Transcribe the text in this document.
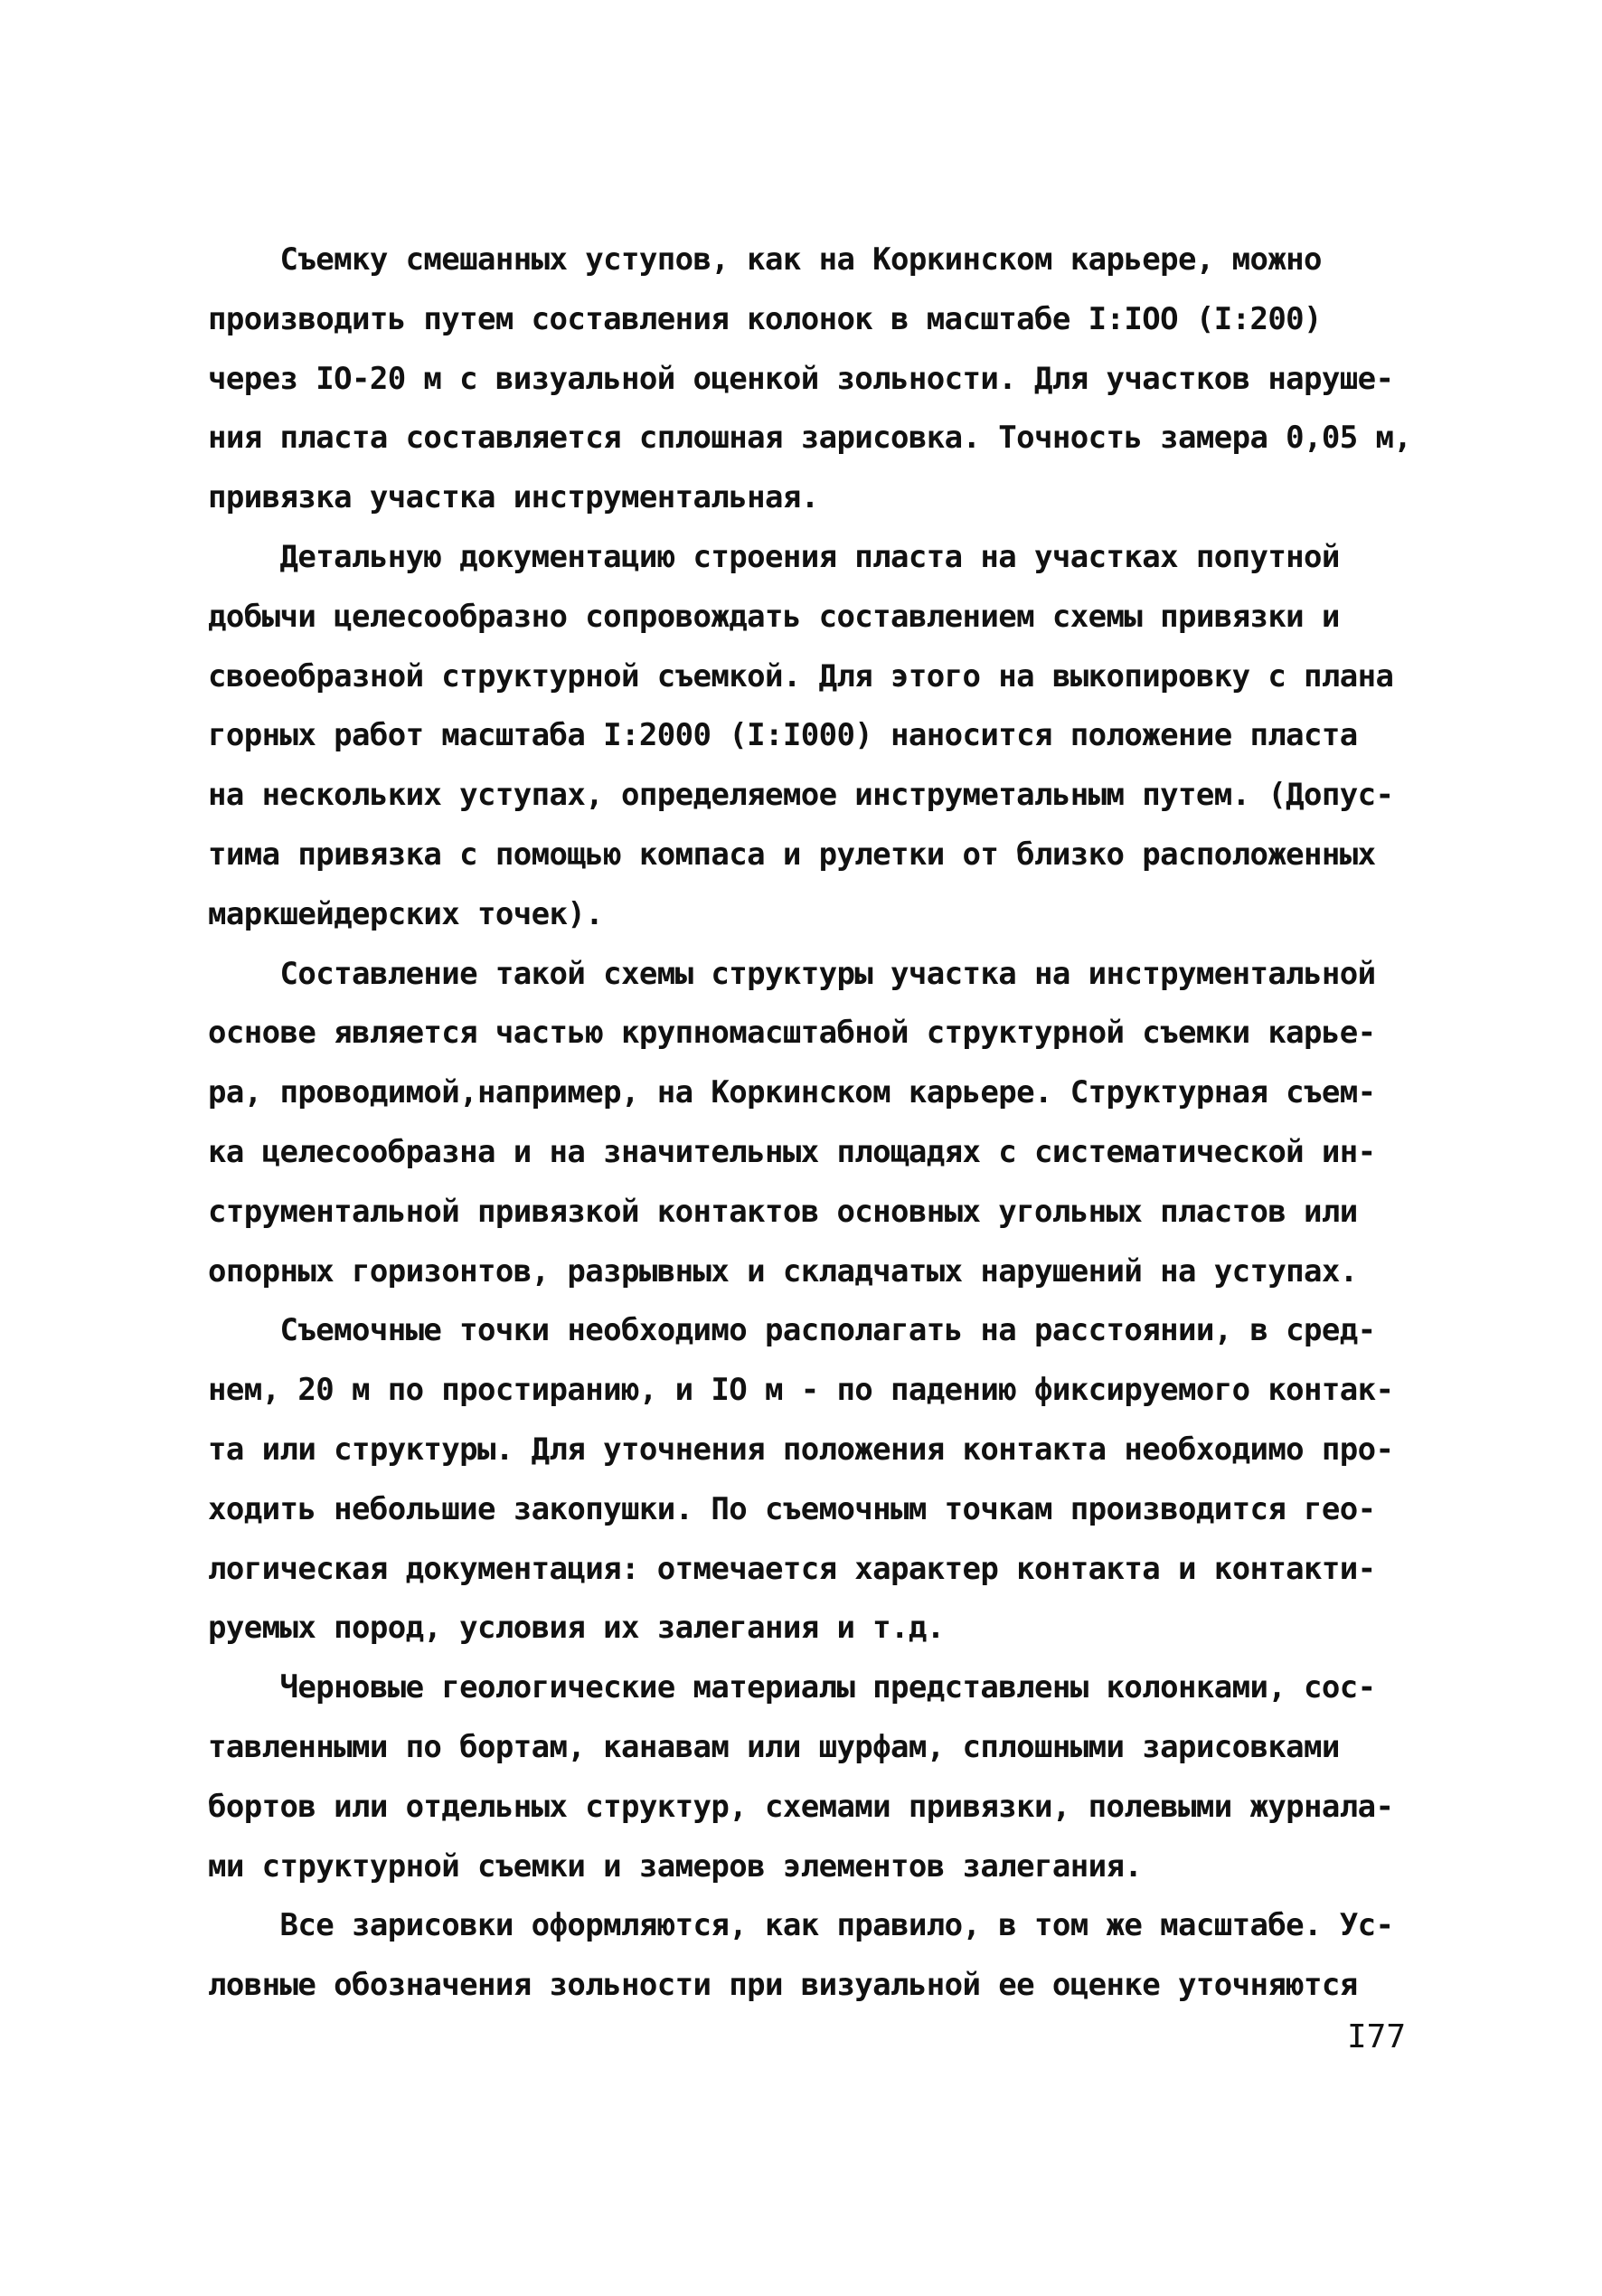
Съемку смешанных уступов, как на Коркинском карьере, можно
производить путем составления колонок в масштабе I:IOO (I:200)
через IO-20 м с визуальной оценкой зольности. Для участков наруше-
ния пласта составляется сплошная зарисовка. Точность замера 0,05 м,
привязка участка инструментальная.
Детальную документацию строения пласта на участках попутной
добычи целесообразно сопровождать составлением схемы привязки и
своеобразной структурной съемкой. Для этого на выкопировку с плана
горных работ масштаба I:2000 (I:I000) наносится положение пласта
на нескольких уступах, определяемое инструметальным путем. (Допус-
тима привязка с помощью компаса и рулетки от близко расположенных
маркшейдерских точек).
Составление такой схемы структуры участка на инструментальной
основе является частью крупномасштабной структурной съемки карье-
ра, проводимой,например, на Коркинском карьере. Структурная съем-
ка целесообразна и на значительных площадях с систематической ин-
струментальной привязкой контактов основных угольных пластов или
опорных горизонтов, разрывных и складчатых нарушений на уступах.
Съемочные точки необходимо располагать на расстоянии, в сред-
нем, 20 м по простиранию, и IO м - по падению фиксируемого контак-
та или структуры. Для уточнения положения контакта необходимо про-
ходить небольшие закопушки. По съемочным точкам производится гео-
логическая документация: отмечается характер контакта и контакти-
руемых пород, условия их залегания и т.д.
Черновые геологические материалы представлены колонками, сос-
тавленными по бортам, канавам или шурфам, сплошными зарисовками
бортов или отдельных структур, схемами привязки, полевыми журнала-
ми структурной съемки и замеров элементов залегания.
Все зарисовки оформляются, как правило, в том же масштабе. Ус-
ловные обозначения зольности при визуальной ее оценке уточняются
I77
